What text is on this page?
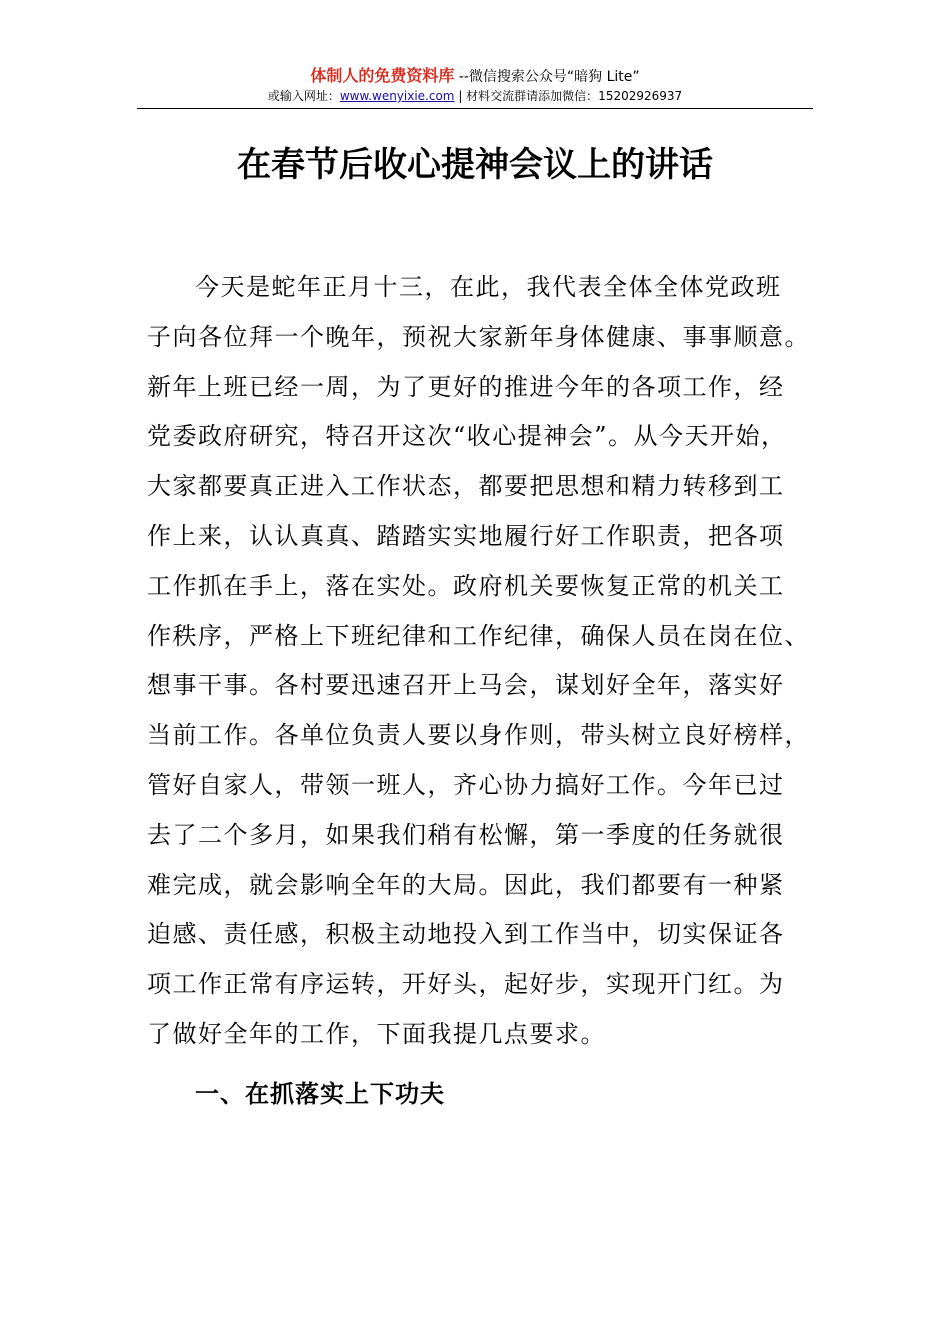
体制人的免费资料库 --微信搜索公众号“暗狗 Lite”
或输入网址：www.wenyixie.com | 材料交流群请添加微信：15202926937
在春节后收心提神会议上的讲话
今天是蛇年正月十三，在此，我代表全体全体党政班
子向各位拜一个晚年，预祝大家新年身体健康、事事顺意。
新年上班已经一周，为了更好的推进今年的各项工作，经
党委政府研究，特召开这次“收心提神会”。从今天开始，
大家都要真正进入工作状态，都要把思想和精力转移到工
作上来，认认真真、踏踏实实地履行好工作职责，把各项
工作抓在手上，落在实处。政府机关要恢复正常的机关工
作秩序，严格上下班纪律和工作纪律，确保人员在岗在位、
想事干事。各村要迅速召开上马会，谋划好全年，落实好
当前工作。各单位负责人要以身作则，带头树立良好榜样，
管好自家人，带领一班人，齐心协力搞好工作。今年已过
去了二个多月，如果我们稍有松懈，第一季度的任务就很
难完成，就会影响全年的大局。因此，我们都要有一种紧
迫感、责任感，积极主动地投入到工作当中，切实保证各
项工作正常有序运转，开好头，起好步，实现开门红。为
了做好全年的工作，下面我提几点要求。
一、在抓落实上下功夫
